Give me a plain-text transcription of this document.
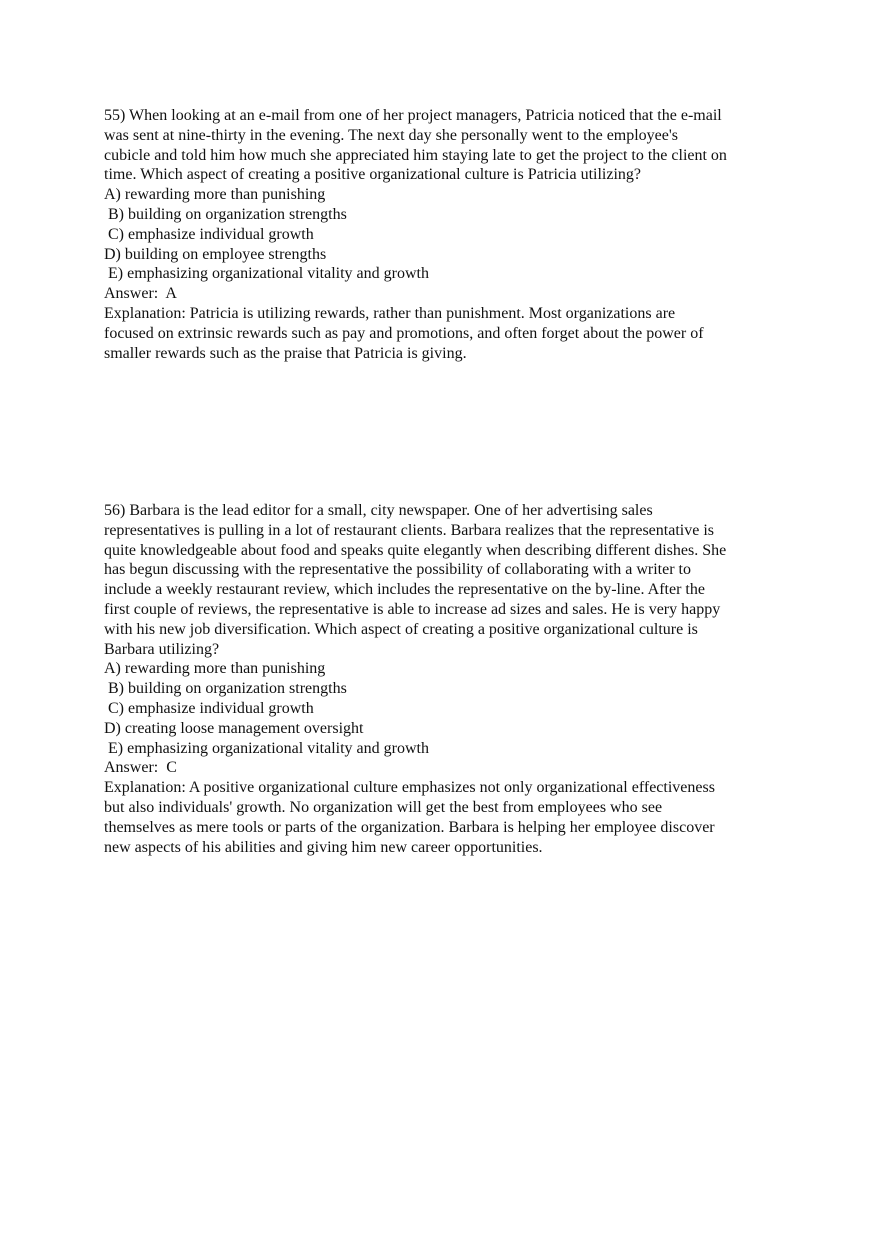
55) When looking at an e-mail from one of her project managers, Patricia noticed that the e-mail
was sent at nine-thirty in the evening. The next day she personally went to the employee's
cubicle and told him how much she appreciated him staying late to get the project to the client on
time. Which aspect of creating a positive organizational culture is Patricia utilizing?
A) rewarding more than punishing
B) building on organization strengths
C) emphasize individual growth
D) building on employee strengths
E) emphasizing organizational vitality and growth
Answer:  A
Explanation: Patricia is utilizing rewards, rather than punishment. Most organizations are
focused on extrinsic rewards such as pay and promotions, and often forget about the power of
smaller rewards such as the praise that Patricia is giving.
56) Barbara is the lead editor for a small, city newspaper. One of her advertising sales
representatives is pulling in a lot of restaurant clients. Barbara realizes that the representative is
quite knowledgeable about food and speaks quite elegantly when describing different dishes. She
has begun discussing with the representative the possibility of collaborating with a writer to
include a weekly restaurant review, which includes the representative on the by-line. After the
first couple of reviews, the representative is able to increase ad sizes and sales. He is very happy
with his new job diversification. Which aspect of creating a positive organizational culture is
Barbara utilizing?
A) rewarding more than punishing
B) building on organization strengths
C) emphasize individual growth
D) creating loose management oversight
E) emphasizing organizational vitality and growth
Answer:  C
Explanation: A positive organizational culture emphasizes not only organizational effectiveness
but also individuals' growth. No organization will get the best from employees who see
themselves as mere tools or parts of the organization. Barbara is helping her employee discover
new aspects of his abilities and giving him new career opportunities.
